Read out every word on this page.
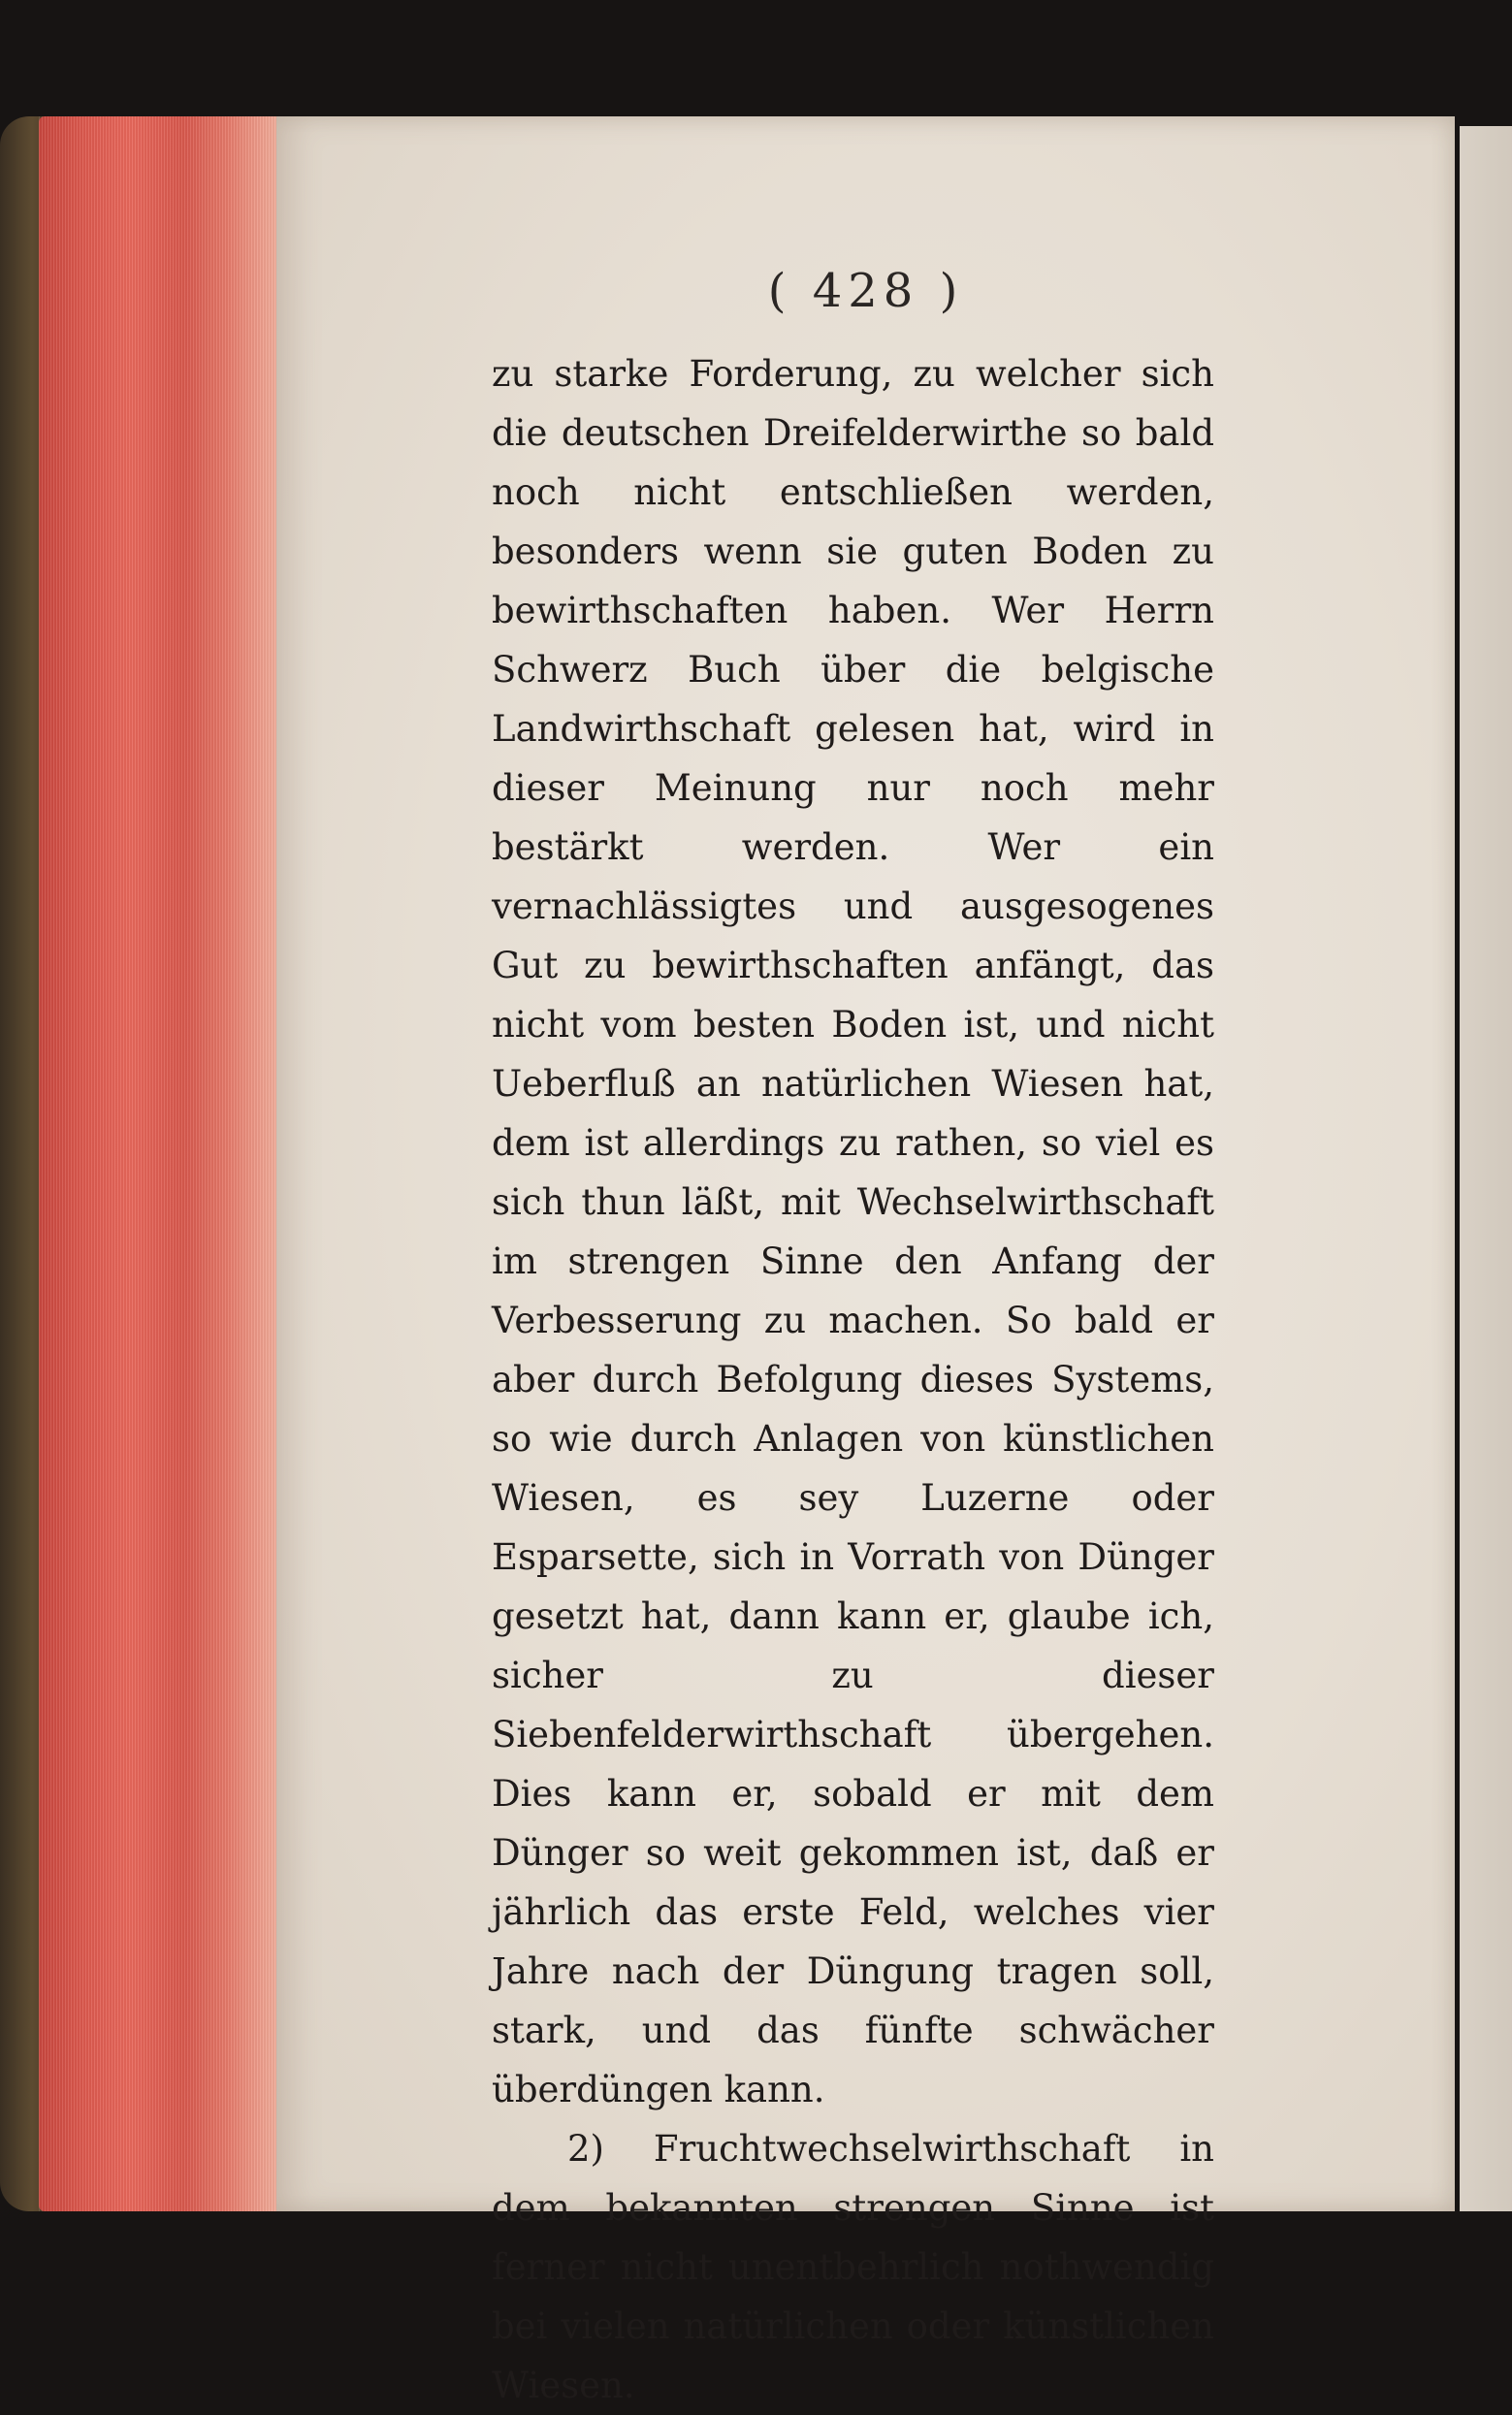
( 428 )

zu starke Forderung, zu welcher sich die deutschen Dreifelderwirthe so bald noch nicht entschließen werden, besonders wenn sie guten Boden zu bewirthschaften haben. Wer Herrn Schwerz Buch über die belgische Landwirthschaft gelesen hat, wird in dieser Meinung nur noch mehr bestärkt werden. Wer ein vernachlässigtes und ausgesogenes Gut zu bewirthschaften anfängt, das nicht vom besten Boden ist, und nicht Ueberfluß an natürlichen Wiesen hat, dem ist allerdings zu rathen, so viel es sich thun läßt, mit Wechselwirthschaft im strengen Sinne den Anfang der Verbesserung zu machen. So bald er aber durch Befolgung dieses Systems, so wie durch Anlagen von künstlichen Wiesen, es sey Luzerne oder Esparsette, sich in Vorrath von Dünger gesetzt hat, dann kann er, glaube ich, sicher zu dieser Siebenfelderwirthschaft übergehen. Dies kann er, sobald er mit dem Dünger so weit gekommen ist, daß er jährlich das erste Feld, welches vier Jahre nach der Düngung tragen soll, stark, und das fünfte schwächer überdüngen kann.

2) Fruchtwechselwirthschaft in dem bekannten strengen Sinne ist ferner nicht unentbehrlich nothwendig bei vielen natürlichen oder künstlichen Wiesen.
